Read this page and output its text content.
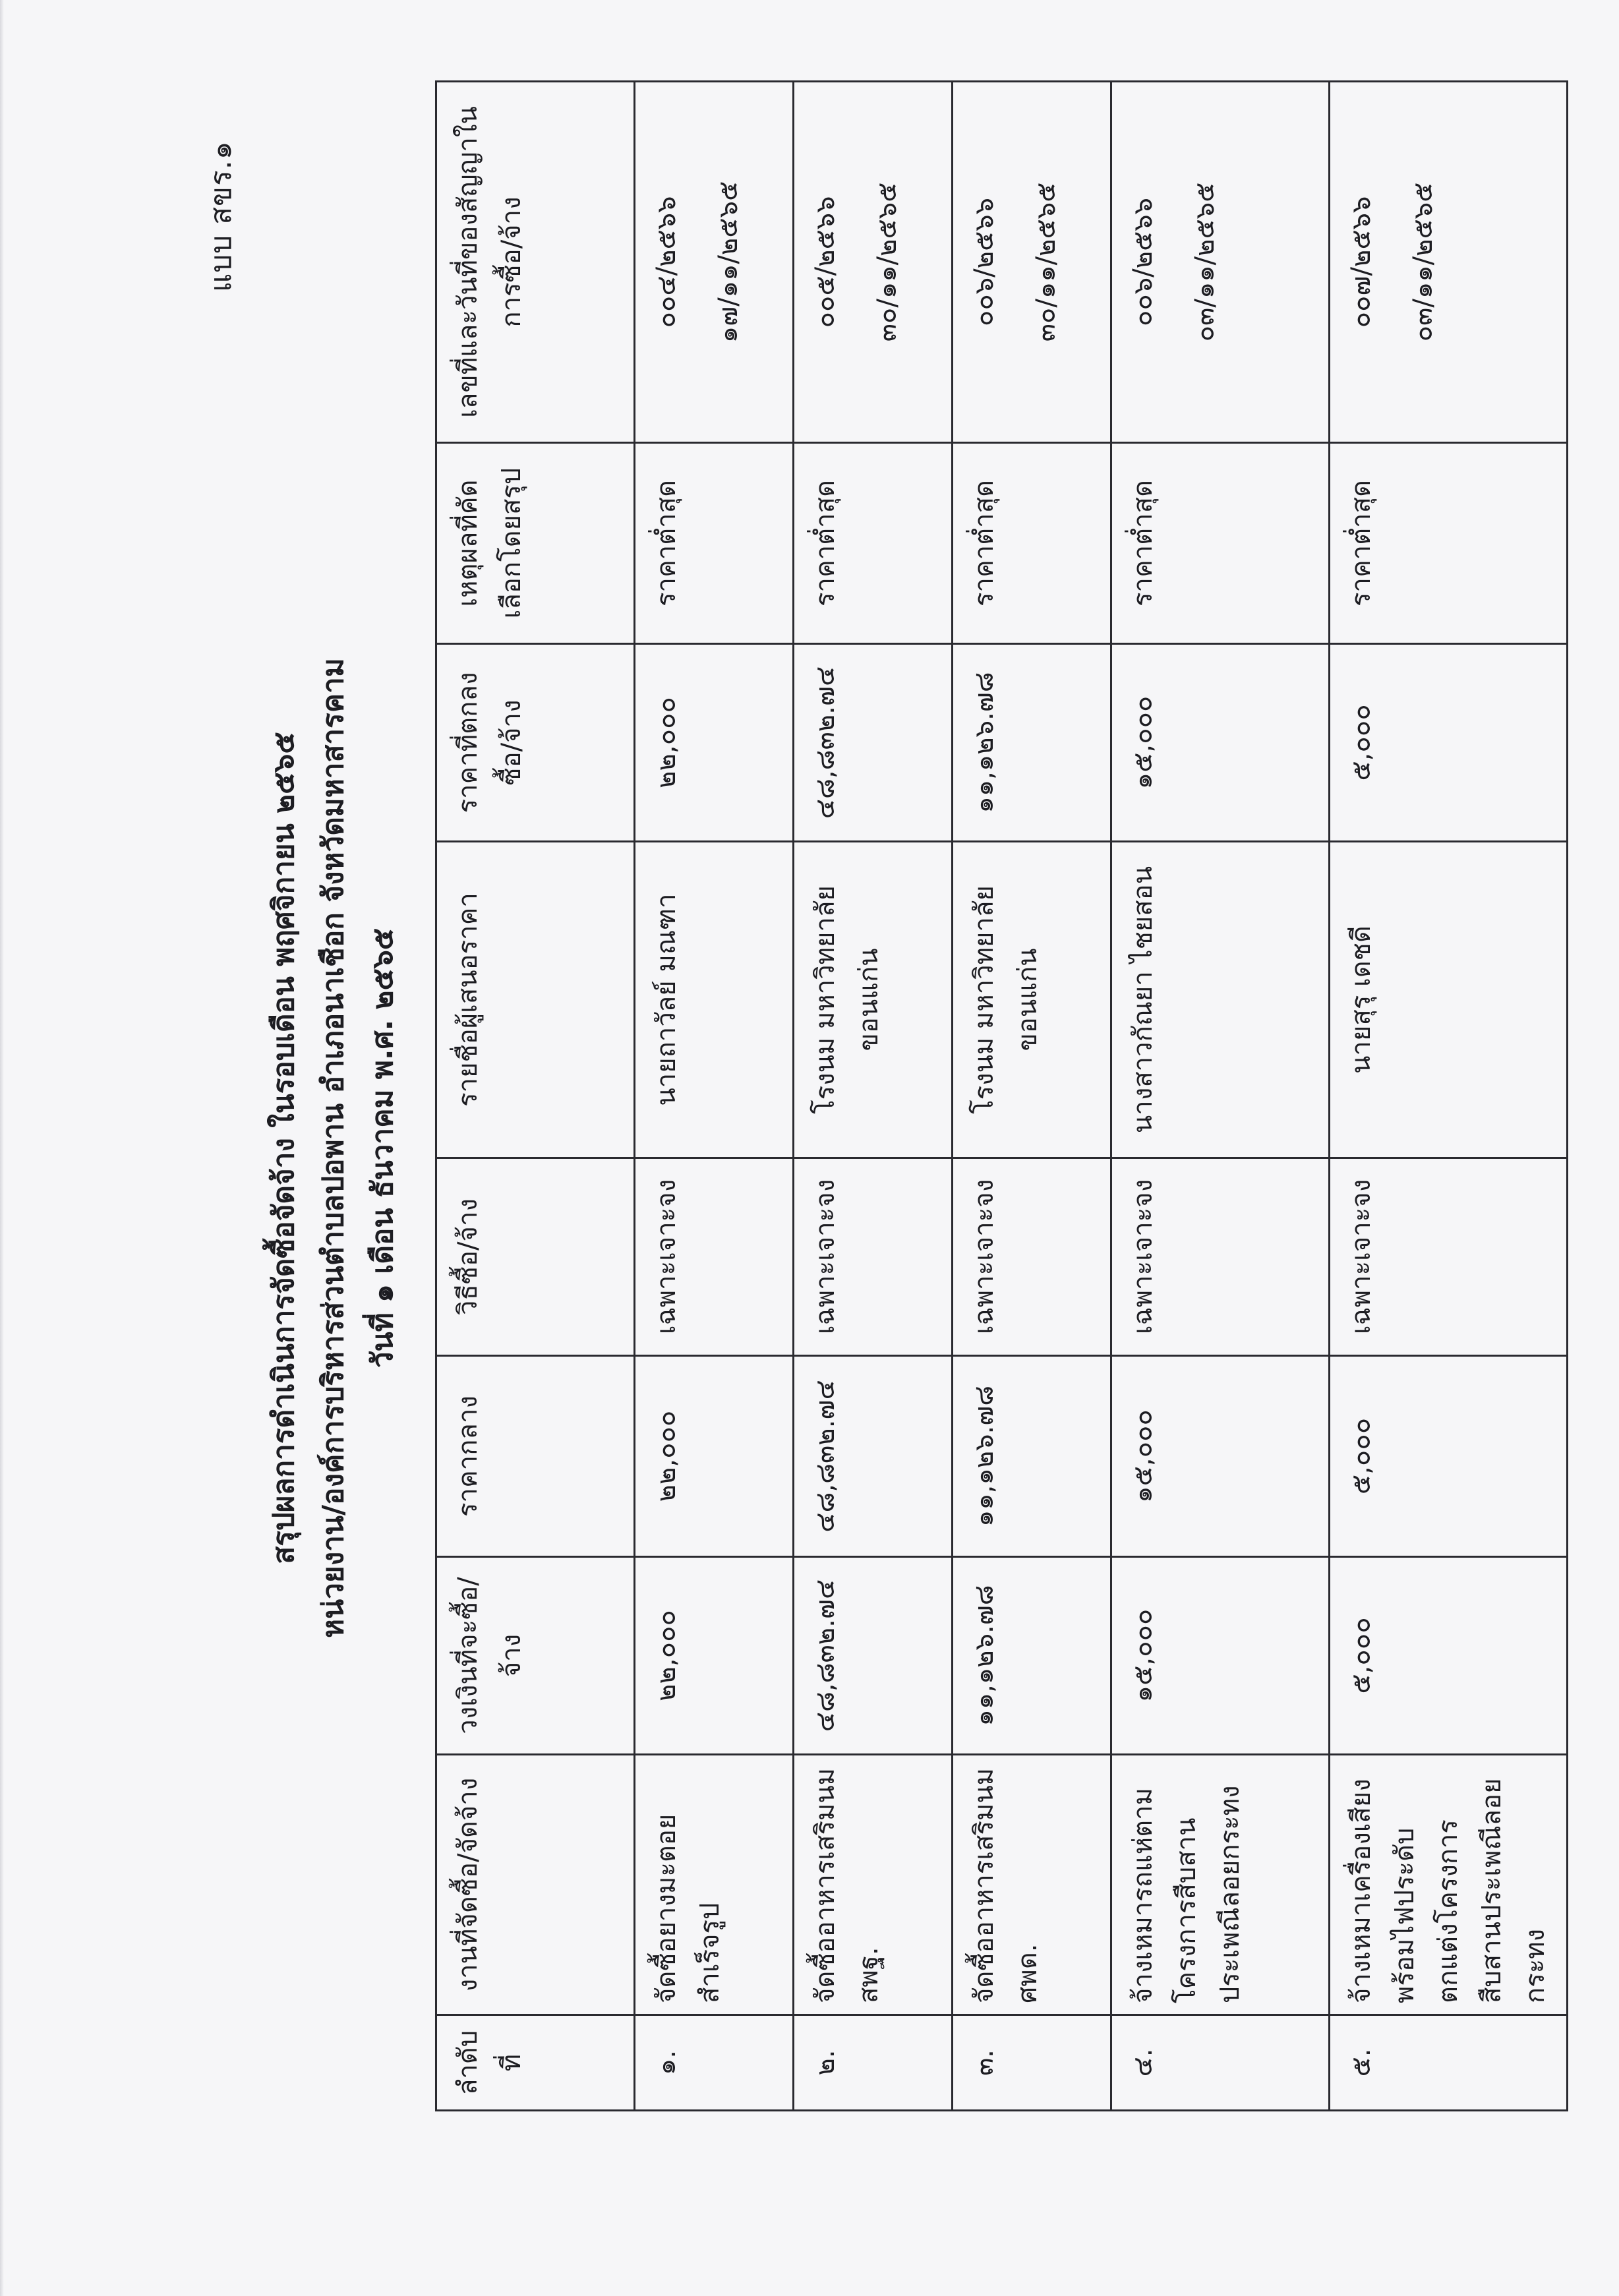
แบบ สขร.๑
สรุปผลการดำเนินการจัดซื้อจัดจ้าง ในรอบเดือน พฤศจิกายน ๒๕๖๕ หน่วยงาน/องค์การบริหารส่วนตำบลปอพาน อำเภอนาเชือก จังหวัดมหาสารคาม วันที่ ๑ เดือน ธันวาคม พ.ศ. ๒๕๖๕
ลำดับที่	งานที่จัดซื้อ/จัดจ้าง	วงเงินที่จะซื้อ/จ้าง	ราคากลาง	วิธีซื้อ/จ้าง	รายชื่อผู้เสนอราคา	ราคาที่ตกลงซื้อ/จ้าง	เหตุผลที่คัดเลือกโดยสรุป	เลขที่และวันที่ของสัญญาในการซื้อ/จ้าง
๑.	จัดซื้อยางมะตอยสำเร็จรูป	๒๒,๐๐๐	๒๒,๐๐๐	เฉพาะเจาะจง	นายถาวัลย์ มณฑา	๒๒,๐๐๐	ราคาต่ำสุด	๐๐๔/๒๕๖๖ ๑๗/๑๑/๒๕๖๕

๒.	จัดซื้ออาหารเสริมนม สพฐ.	๔๘,๘๓๒.๗๔	๔๘,๘๓๒.๗๔	เฉพาะเจาะจง	โรงนม มหาวิทยาลัยขอนแก่น	๔๘,๘๓๒.๗๔	ราคาต่ำสุด	๐๐๕/๒๕๖๖ ๓๐/๑๑/๒๕๖๕

๓.	จัดซื้ออาหารเสริมนม ศพด.	๑๑,๑๒๖.๗๘	๑๑,๑๒๖.๗๘	เฉพาะเจาะจง	โรงนม มหาวิทยาลัยขอนแก่น	๑๑,๑๒๖.๗๘	ราคาต่ำสุด	๐๐๖/๒๕๖๖ ๓๐/๑๑/๒๕๖๕

๔.	จ้างเหมารถแห่ตามโครงการสืบสานประเพณีลอยกระทง	๑๕,๐๐๐	๑๕,๐๐๐	เฉพาะเจาะจง	นางสาวกัณยา ไชยสอน	๑๕,๐๐๐	ราคาต่ำสุด	๐๐๖/๒๕๖๖ ๐๓/๑๑/๒๕๖๕

๕.	จ้างเหมาเครื่องเสียงพร้อมไฟประดับตกแต่งโครงการสืบสานประเพณีลอยกระทง	๕,๐๐๐	๕,๐๐๐	เฉพาะเจาะจง	นายสุรุ เดชดี	๕,๐๐๐	ราคาต่ำสุด	๐๐๗/๒๕๖๖ ๐๓/๑๑/๒๕๖๕
